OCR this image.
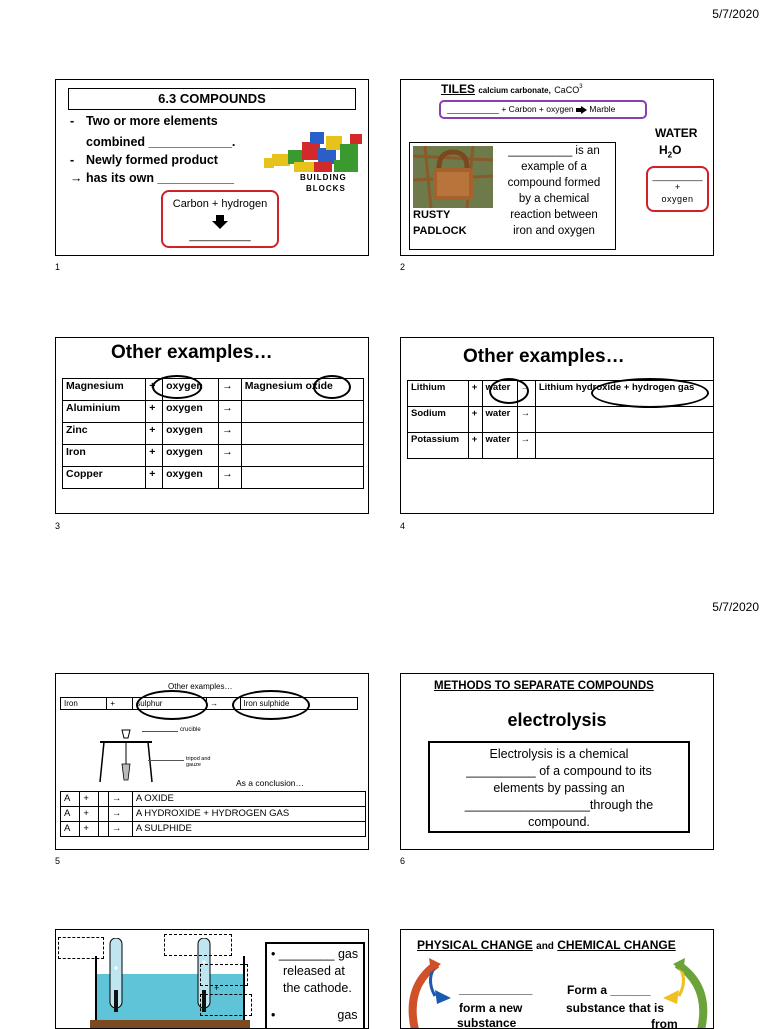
5/7/2020
6.3 COMPOUNDS
- Two or more elements
combined ____________.
- Newly formed product
→ has its own ___________	BUILDING
BLOCKS
Carbon + hydrogen
__________
1
TILES calcium carbonate, CaCO$^3$
___________ + Carbon + oxygen Marble
WATER
$H_2O$
__________
+
oxygen
RUSTY
PADLOCK
__________ is an
example of a
compound formed
by a chemical
reaction between
iron and oxygen
2
Other examples…
Magnesium	+	oxygen	→	Magnesium oxide
Aluminium	+	oxygen	→	
Zinc	+	oxygen	→	
Iron	+	oxygen	→	
Copper	+	oxygen	→	
3
Other examples…
Lithium	+	water	→	Lithium hydroxide + hydrogen gas
Sodium	+	water	→	
Potassium	+	water	→	
4
5/7/2020
Other examples…
Iron	+	sulphur	→	Iron sulphide
crucible
tripod and
gauze
As a conclusion…
A	+		→	A OXIDE
A	+		→	A HYDROXIDE + HYDROGEN GAS
A	+		→	A SULPHIDE
5
METHODS TO SEPARATE COMPOUNDS
electrolysis
Electrolysis is a chemical
__________ of a compound to its
elements by passing an
__________________through the
compound.
6
+
• ________ gas
released at
the cathode.
•	gas
PHYSICAL CHANGE and CHEMICAL CHANGE
___________
form a new
substance
Form a ______
substance that is
from
